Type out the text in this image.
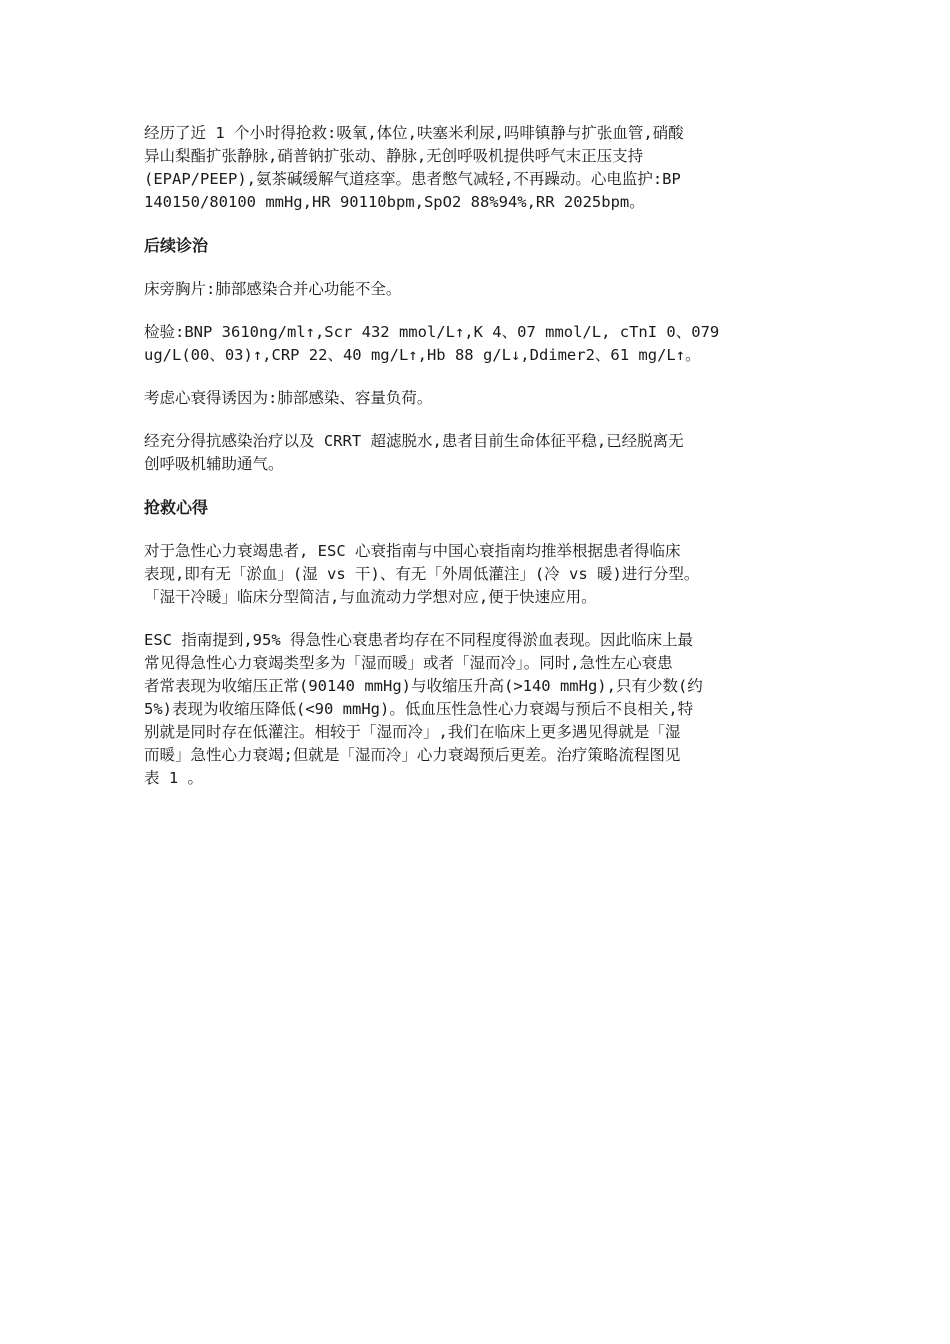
经历了近 1 个小时得抢救:吸氧,体位,呋塞米利尿,吗啡镇静与扩张血管,硝酸
异山梨酯扩张静脉,硝普钠扩张动、静脉,无创呼吸机提供呼气末正压支持
(EPAP/PEEP),氨茶碱缓解气道痉挛。患者憋气减轻,不再躁动。心电监护:BP
140150/80100 mmHg,HR 90110bpm,SpO2 88%94%,RR 2025bpm。
后续诊治
床旁胸片:肺部感染合并心功能不全。
检验:BNP 3610ng/ml↑,Scr 432 mmol/L↑,K 4、07 mmol/L, cTnI 0、079
ug/L(00、03)↑,CRP 22、40 mg/L↑,Hb 88 g/L↓,Ddimer2、61 mg/L↑。
考虑心衰得诱因为:肺部感染、容量负荷。
经充分得抗感染治疗以及 CRRT 超滤脱水,患者目前生命体征平稳,已经脱离无
创呼吸机辅助通气。
抢救心得
对于急性心力衰竭患者, ESC 心衰指南与中国心衰指南均推举根据患者得临床
表现,即有无「淤血」(湿 vs 干)、有无「外周低灌注」(冷 vs 暖)进行分型。
「湿干冷暖」临床分型简洁,与血流动力学想对应,便于快速应用。
ESC 指南提到,95% 得急性心衰患者均存在不同程度得淤血表现。因此临床上最
常见得急性心力衰竭类型多为「湿而暖」或者「湿而冷」。同时,急性左心衰患
者常表现为收缩压正常(90140 mmHg)与收缩压升高(>140 mmHg),只有少数(约
5%)表现为收缩压降低(<90 mmHg)。低血压性急性心力衰竭与预后不良相关,特
别就是同时存在低灌注。相较于「湿而冷」,我们在临床上更多遇见得就是「湿
而暖」急性心力衰竭;但就是「湿而冷」心力衰竭预后更差。治疗策略流程图见
表 1 。
